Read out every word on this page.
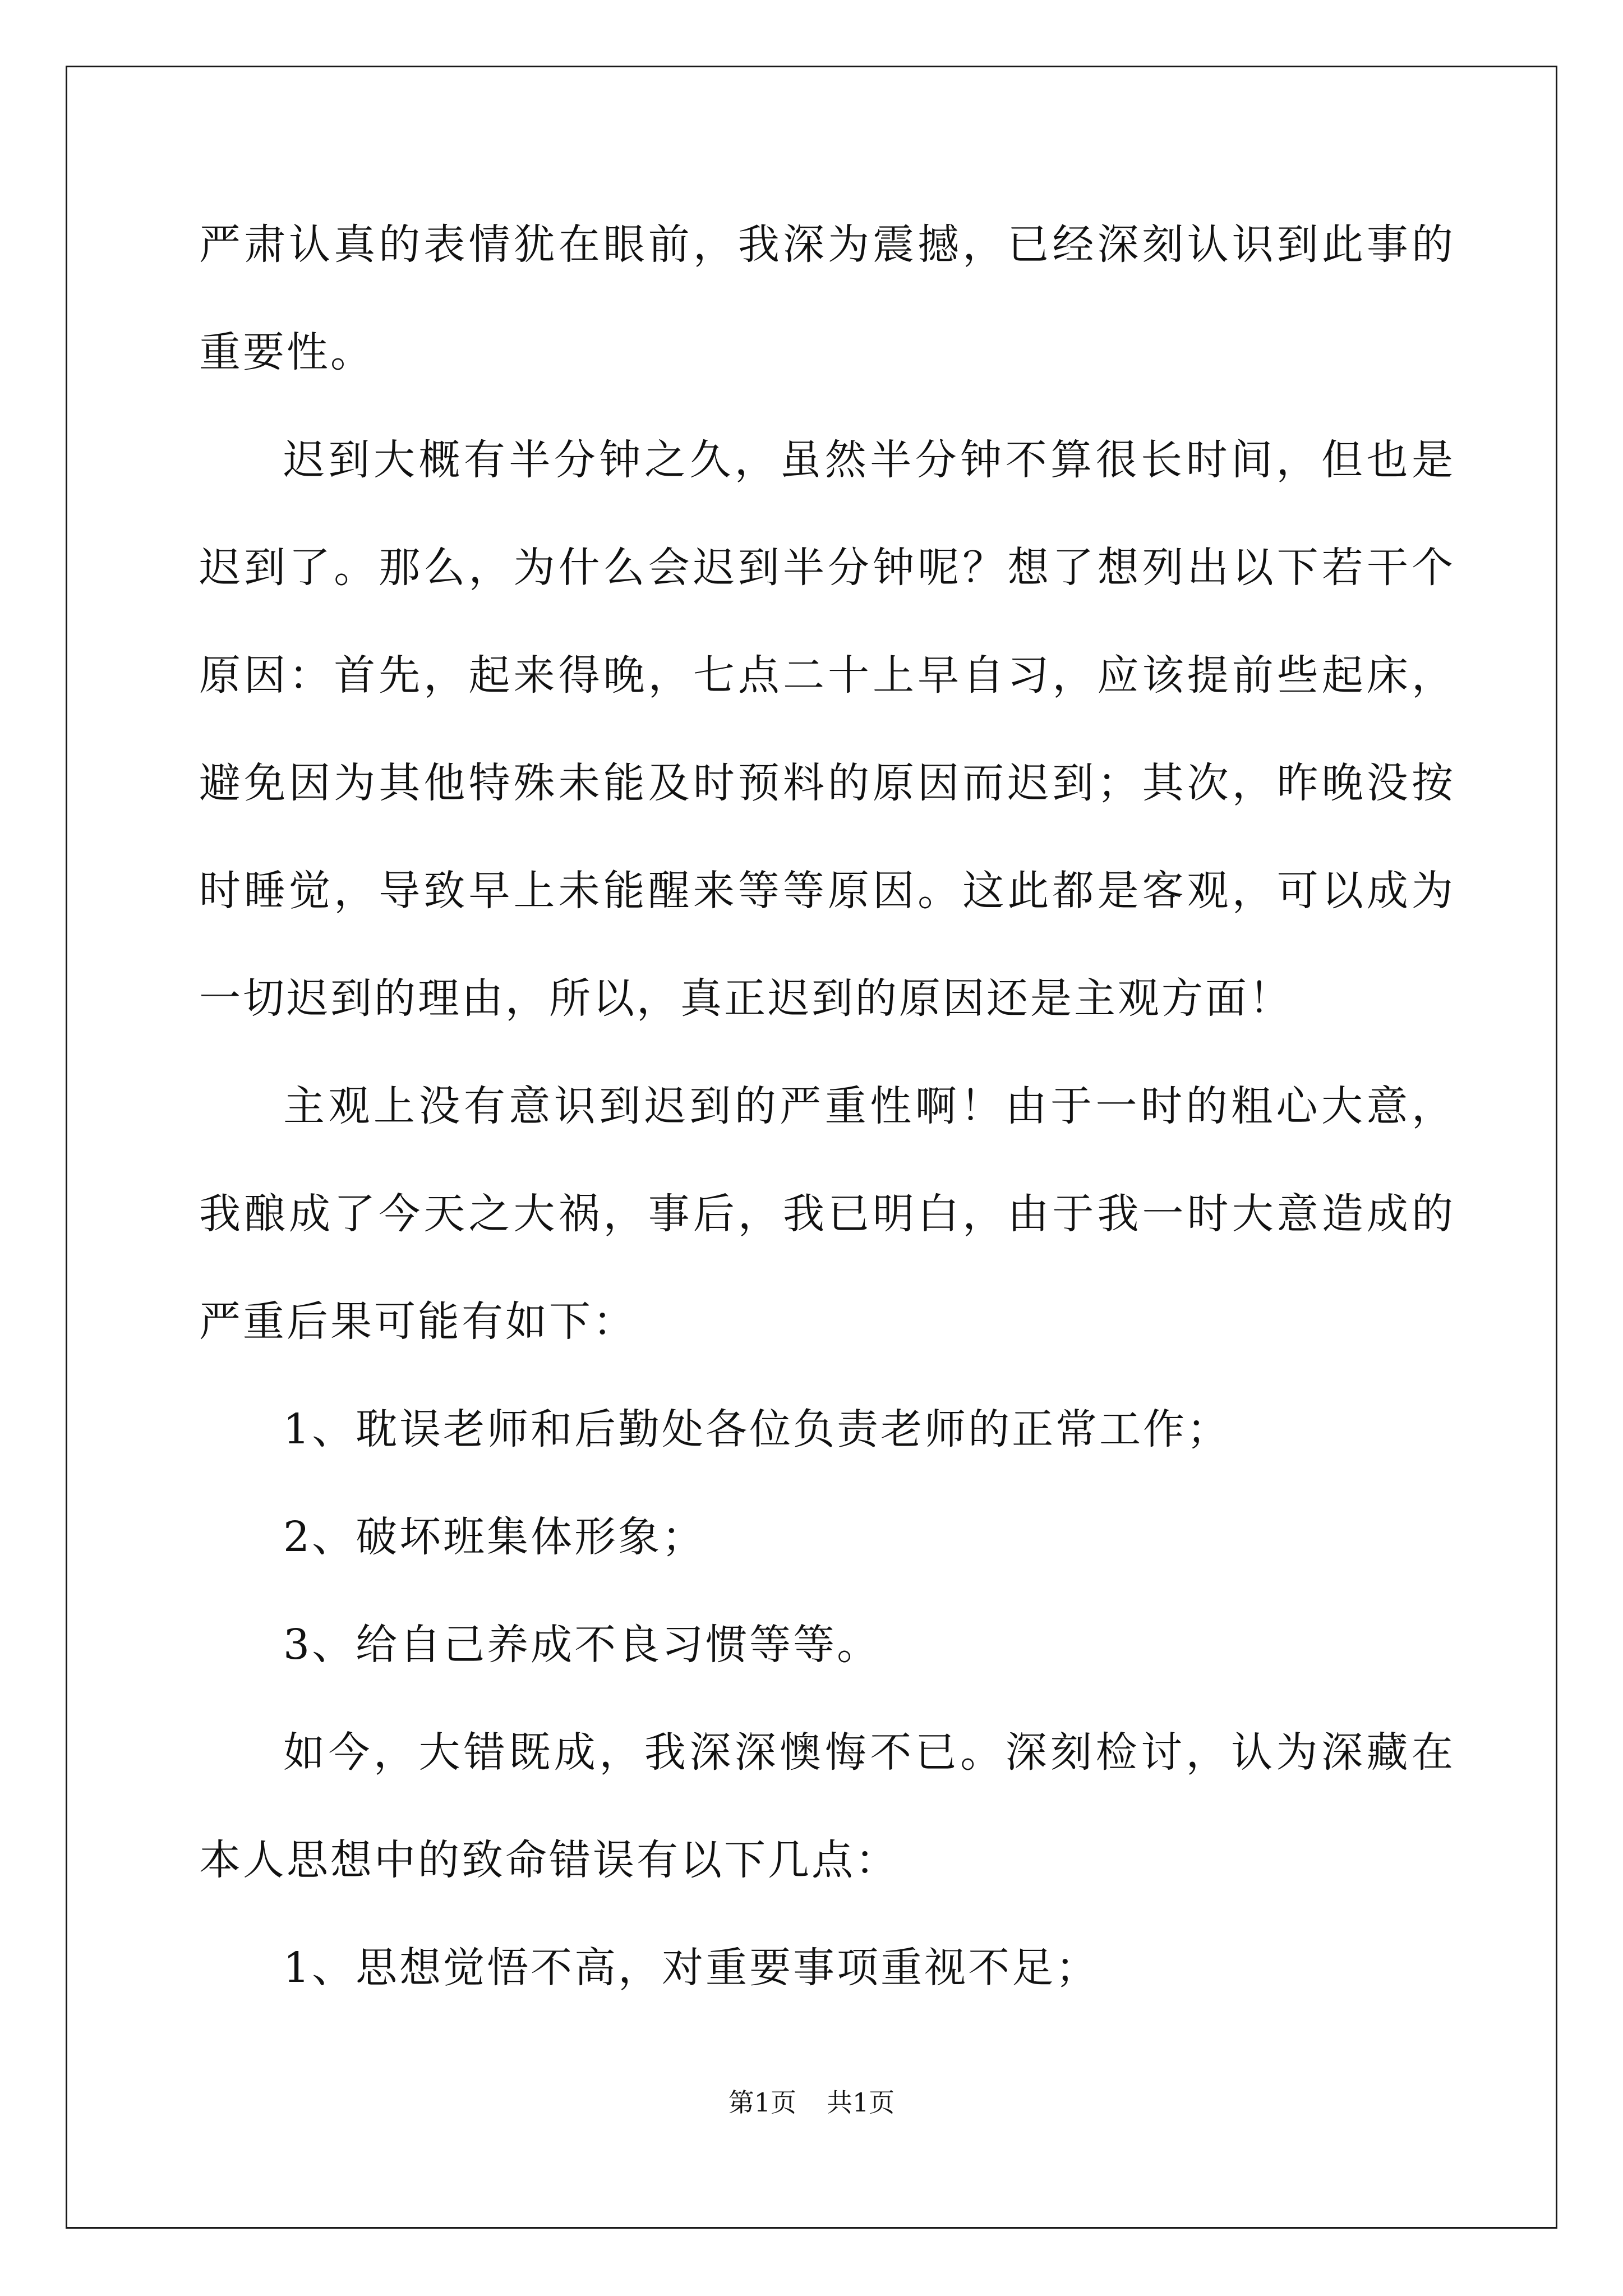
严肃认真的表情犹在眼前，我深为震撼，已经深刻认识到此事的重要性。

迟到大概有半分钟之久，虽然半分钟不算很长时间，但也是迟到了。那么，为什么会迟到半分钟呢？想了想列出以下若干个原因：首先，起来得晚，七点二十上早自习，应该提前些起床，避免因为其他特殊未能及时预料的原因而迟到；其次，昨晚没按时睡觉，导致早上未能醒来等等原因。这此都是客观，可以成为一切迟到的理由，所以，真正迟到的原因还是主观方面！

主观上没有意识到迟到的严重性啊！由于一时的粗心大意，我酿成了今天之大祸，事后，我已明白，由于我一时大意造成的严重后果可能有如下：

1、耽误老师和后勤处各位负责老师的正常工作；

2、破坏班集体形象；

3、给自己养成不良习惯等等。

如今，大错既成，我深深懊悔不已。深刻检讨，认为深藏在本人思想中的致命错误有以下几点：

1、思想觉悟不高，对重要事项重视不足；

第1页 共1页
